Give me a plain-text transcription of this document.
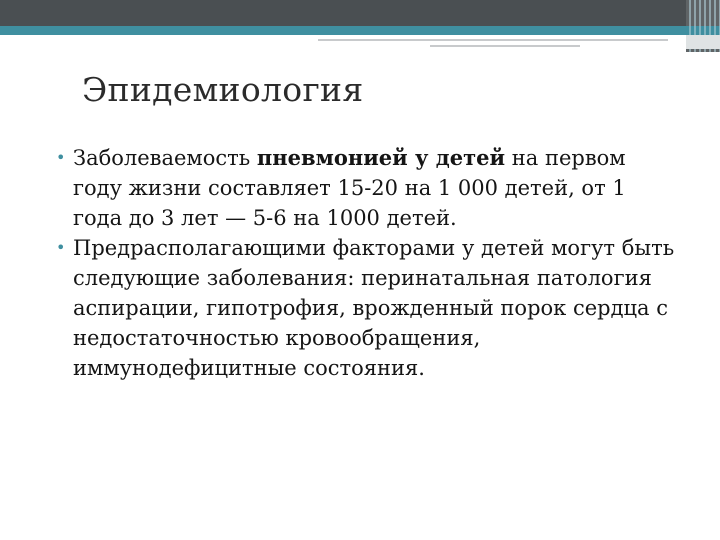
Эпидемиология
• Заболеваемость пневмонией у детей на первом году жизни составляет 15-20 на 1 000 детей, от 1 года до 3 лет — 5-6 на 1000 детей.
• Предрасполагающими факторами у детей могут быть следующие заболевания: перинатальная патология аспирации, гипотрофия, врожденный порок сердца с недостаточностью кровообращения, иммунодефицитные состояния.
